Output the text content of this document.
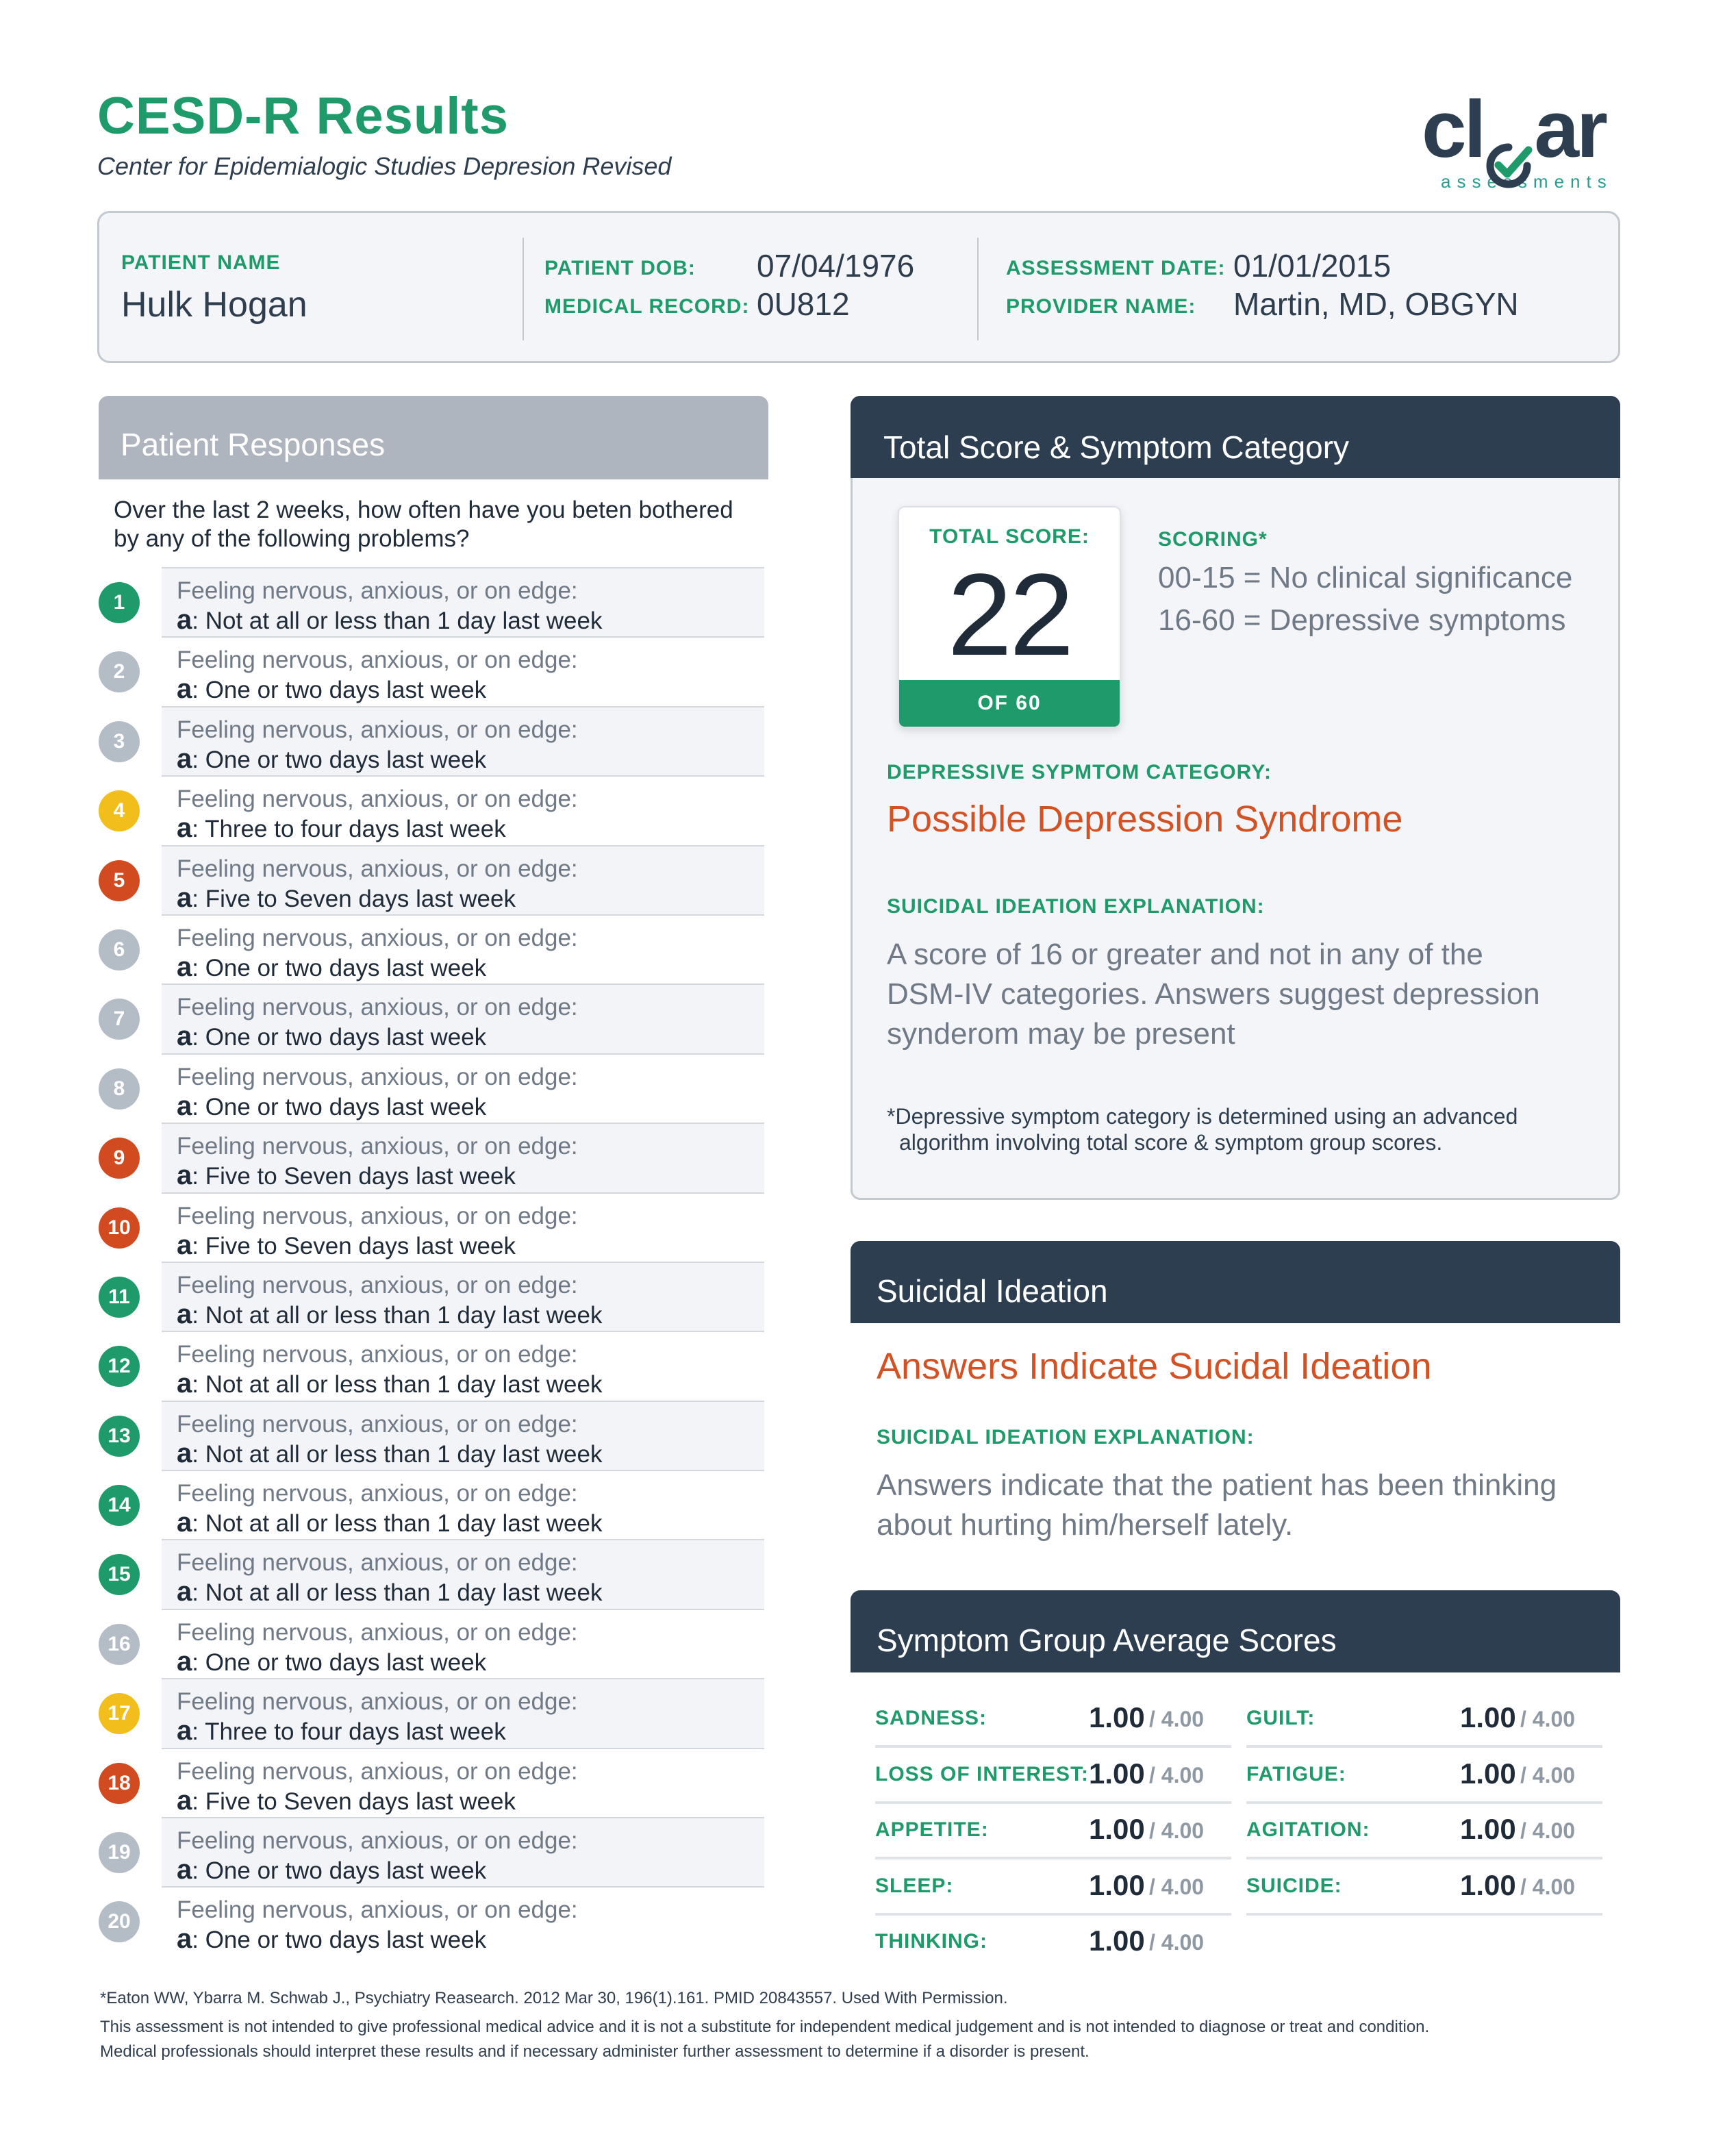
CESD-R Results
Center for Epidemialogic Studies Depresion Revised	cl ar
assessments
PATIENT NAME
Hulk Hogan
PATIENT DOB: 07/04/1976
MEDICAL RECORD: 0U812
ASSESSMENT DATE: 01/01/2015
PROVIDER NAME: Martin, MD, OBGYN
Patient Responses
Over the last 2 weeks, how often have you beten bothered by any of the following problems?
1	Feeling nervous, anxious, or on edge:
a: Not at all or less than 1 day last week
2	Feeling nervous, anxious, or on edge:
a: One or two days last week
3	Feeling nervous, anxious, or on edge:
a: One or two days last week
4	Feeling nervous, anxious, or on edge:
a: Three to four days last week
5	Feeling nervous, anxious, or on edge:
a: Five to Seven days last week
6	Feeling nervous, anxious, or on edge:
a: One or two days last week
7	Feeling nervous, anxious, or on edge:
a: One or two days last week
8	Feeling nervous, anxious, or on edge:
a: One or two days last week
9	Feeling nervous, anxious, or on edge:
a: Five to Seven days last week
10	Feeling nervous, anxious, or on edge:
a: Five to Seven days last week
11	Feeling nervous, anxious, or on edge:
a: Not at all or less than 1 day last week
12	Feeling nervous, anxious, or on edge:
a: Not at all or less than 1 day last week
13	Feeling nervous, anxious, or on edge:
a: Not at all or less than 1 day last week
14	Feeling nervous, anxious, or on edge:
a: Not at all or less than 1 day last week
15	Feeling nervous, anxious, or on edge:
a: Not at all or less than 1 day last week
16	Feeling nervous, anxious, or on edge:
a: One or two days last week
17	Feeling nervous, anxious, or on edge:
a: Three to four days last week
18	Feeling nervous, anxious, or on edge:
a: Five to Seven days last week
19	Feeling nervous, anxious, or on edge:
a: One or two days last week
20	Feeling nervous, anxious, or on edge:
a: One or two days last week
Total Score & Symptom Category
TOTAL SCORE:
22
OF 60
SCORING*
00-15 = No clinical significance
16-60 = Depressive symptoms
DEPRESSIVE SYPMTOM CATEGORY:
Possible Depression Syndrome
SUICIDAL IDEATION EXPLANATION:
A score of 16 or greater and not in any of the
DSM-IV categories. Answers suggest depression
synderom may be present
*Depressive symptom category is determined using an advanced
algorithm involving total score & symptom group scores.
Suicidal Ideation
Answers Indicate Sucidal Ideation
SUICIDAL IDEATION EXPLANATION:
Answers indicate that the patient has been thinking
about hurting him/herself lately.
Symptom Group Average Scores
SADNESS:	1.00 / 4.00
LOSS OF INTEREST: 1.00 / 4.00
APPETITE:	1.00 / 4.00
SLEEP:	1.00 / 4.00
THINKING:	1.00 / 4.00
GUILT:	1.00 / 4.00
FATIGUE:	1.00 / 4.00
AGITATION:	1.00 / 4.00
SUICIDE:	1.00 / 4.00
*Eaton WW, Ybarra M. Schwab J., Psychiatry Reasearch. 2012 Mar 30, 196(1).161. PMID 20843557. Used With Permission.
This assessment is not intended to give professional medical advice and it is not a substitute for independent medical judgement and is not intended to diagnose or treat and condition.
Medical professionals should interpret these results and if necessary administer further assessment to determine if a disorder is present.
